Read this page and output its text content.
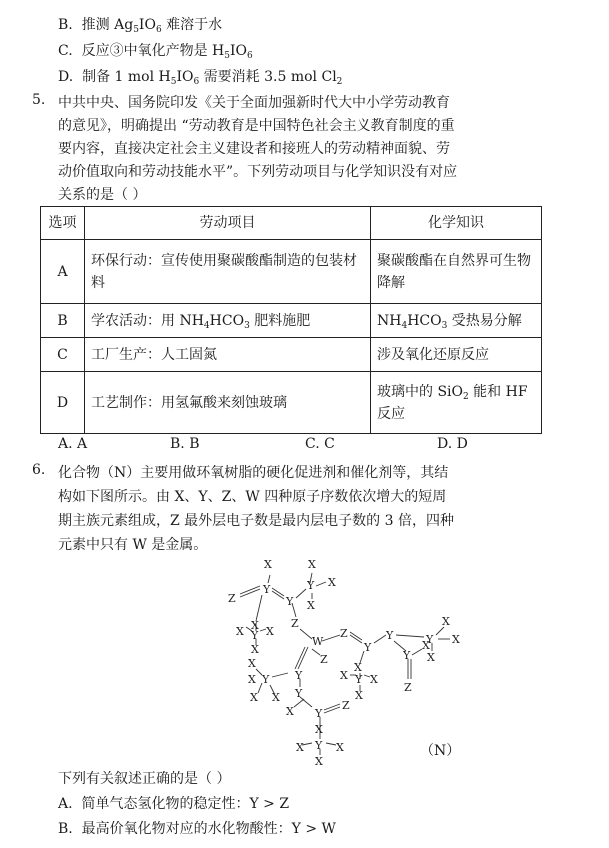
B.  推测 $Ag_5IO_6$ 难溶于水
C.  反应③中氧化产物是 $H_5IO_6$
D.  制备 1 mol $H_5IO_6$ 需要消耗 3.5 mol $Cl_2$
5. 中共中央、国务院印发《关于全面加强新时代大中小学劳动教育
的意见》，明确提出 “劳动教育是中国特色社会主义教育制度的重
要内容，直接决定社会主义建设者和接班人的劳动精神面貌、劳
动价值取向和劳动技能水平”。下列劳动项目与化学知识没有对应
关系的是（ ）
选项	劳动项目	化学知识
A	环保行动：宣传使用聚碳酸酯制造的包装材料	聚碳酸酯在自然界可生物降解
B	学农活动：用 $NH_4HCO_3$ 肥料施肥	$NH_4HCO_3$ 受热易分解
C	工厂生产：人工固氮	涉及氧化还原反应
D	工艺制作：用氢氟酸来刻蚀玻璃	玻璃中的 SiO$_2$ 能和 HF 反应
A. A	B. B	C. C	D. D
6. 化合物（N）主要用做环氧树脂的硬化促进剂和催化剂等，其结
构如下图所示。由 X、Y、Z、W 四种原子序数依次增大的短周
期主族元素组成，Z 最外层电子数是最内层电子数的 3 倍，四种
元素中只有 W 是金属。
X	X
Z
Y
Y
Y X
X
Z
X
X Y X
X
W
Z
Y
Y	Y
X
X
X
Y
X
Z
X
X Y X
X
Z
Y
Y
X
X
X X Y
X Y
Z
X
Y
X	X
X
（N）
下列有关叙述正确的是（ ）
A. 简单气态氢化物的稳定性：Y > Z
B. 最高价氧化物对应的水化物酸性：Y > W
